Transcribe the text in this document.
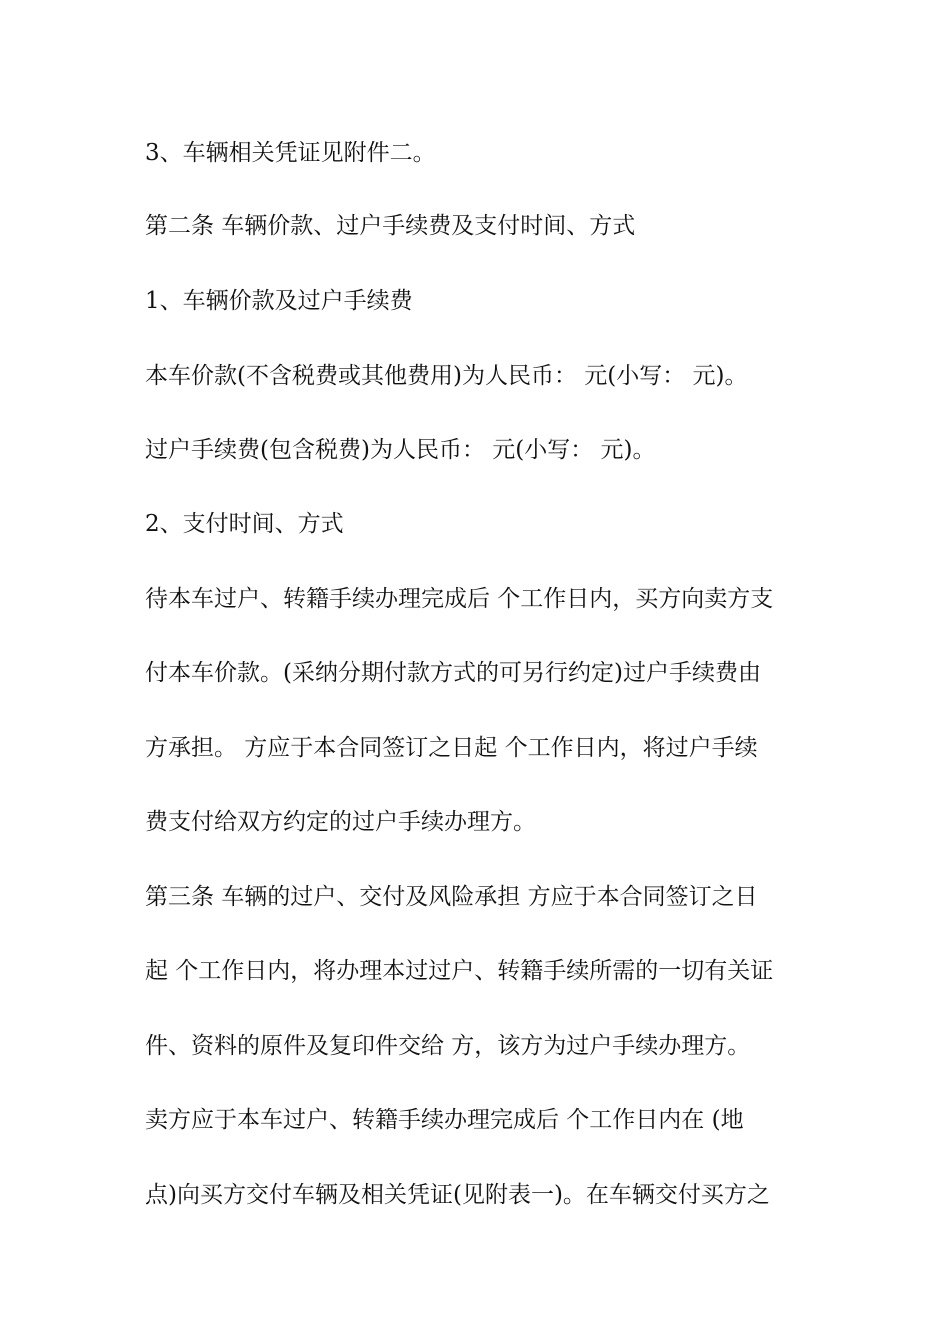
3、车辆相关凭证见附件二。
第二条 车辆价款、过户手续费及支付时间、方式
1、车辆价款及过户手续费
本车价款(不含税费或其他费用)为人民币： 元(小写： 元)。
过户手续费(包含税费)为人民币： 元(小写： 元)。
2、支付时间、方式
待本车过户、转籍手续办理完成后 个工作日内，买方向卖方支
付本车价款。(采纳分期付款方式的可另行约定)过户手续费由
方承担。 方应于本合同签订之日起 个工作日内，将过户手续
费支付给双方约定的过户手续办理方。
第三条 车辆的过户、交付及风险承担 方应于本合同签订之日
起 个工作日内，将办理本过过户、转籍手续所需的一切有关证
件、资料的原件及复印件交给 方，该方为过户手续办理方。
卖方应于本车过户、转籍手续办理完成后 个工作日内在 (地
点)向买方交付车辆及相关凭证(见附表一)。在车辆交付买方之
